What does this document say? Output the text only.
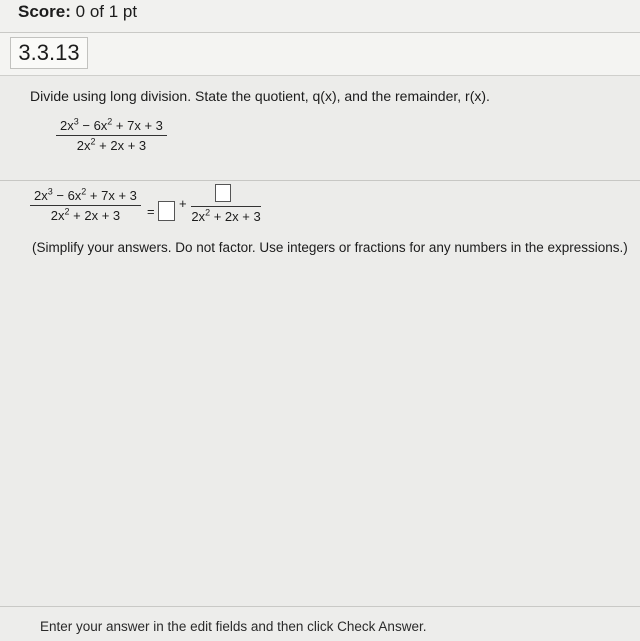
Score: 0 of 1 pt
3.3.13
Divide using long division. State the quotient, q(x), and the remainder, r(x).
$2x^3 - 6x^2 + 7x + 3$
$2x^2 + 2x + 3$
$2x^3 - 6x^2 + 7x + 3$
$2x^2 + 2x + 3$ =
+
$2x^2 + 2x + 3$
(Simplify your answers. Do not factor. Use integers or fractions for any numbers in the expressions.)
Enter your answer in the edit fields and then click Check Answer.
